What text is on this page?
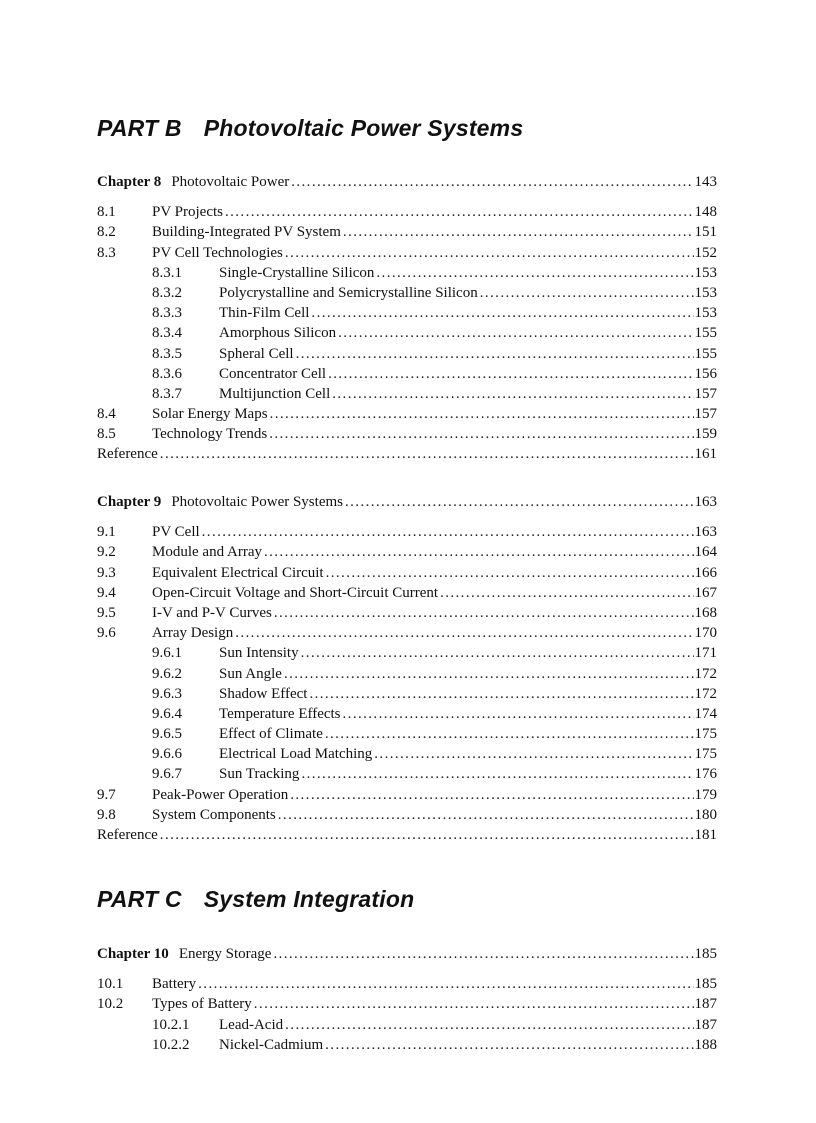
PART B Photovoltaic Power Systems
Chapter 8 Photovoltaic Power .....	143
8.1	PV Projects .....	148
8.2	Building-Integrated PV System .....	151
8.3	PV Cell Technologies .....	152
8.3.1	Single-Crystalline Silicon .....	153
8.3.2	Polycrystalline and Semicrystalline Silicon .....	153
8.3.3	Thin-Film Cell .....	153
8.3.4	Amorphous Silicon .....	155
8.3.5	Spheral Cell .....	155
8.3.6	Concentrator Cell .....	156
8.3.7	Multijunction Cell .....	157
8.4	Solar Energy Maps .....	157
8.5	Technology Trends .....	159
Reference .....	161
Chapter 9 Photovoltaic Power Systems .....	163
9.1	PV Cell .....	163
9.2	Module and Array .....	164
9.3	Equivalent Electrical Circuit .....	166
9.4	Open-Circuit Voltage and Short-Circuit Current .....	167
9.5	I-V and P-V Curves .....	168
9.6	Array Design .....	170
9.6.1	Sun Intensity .....	171
9.6.2	Sun Angle .....	172
9.6.3	Shadow Effect .....	172
9.6.4	Temperature Effects .....	174
9.6.5	Effect of Climate .....	175
9.6.6	Electrical Load Matching .....	175
9.6.7	Sun Tracking .....	176
9.7	Peak-Power Operation .....	179
9.8	System Components .....	180
Reference .....	181
PART C System Integration
Chapter 10 Energy Storage .....	185
10.1	Battery .....	185
10.2	Types of Battery .....	187
10.2.1	Lead-Acid .....	187
10.2.2	Nickel-Cadmium .....	188
